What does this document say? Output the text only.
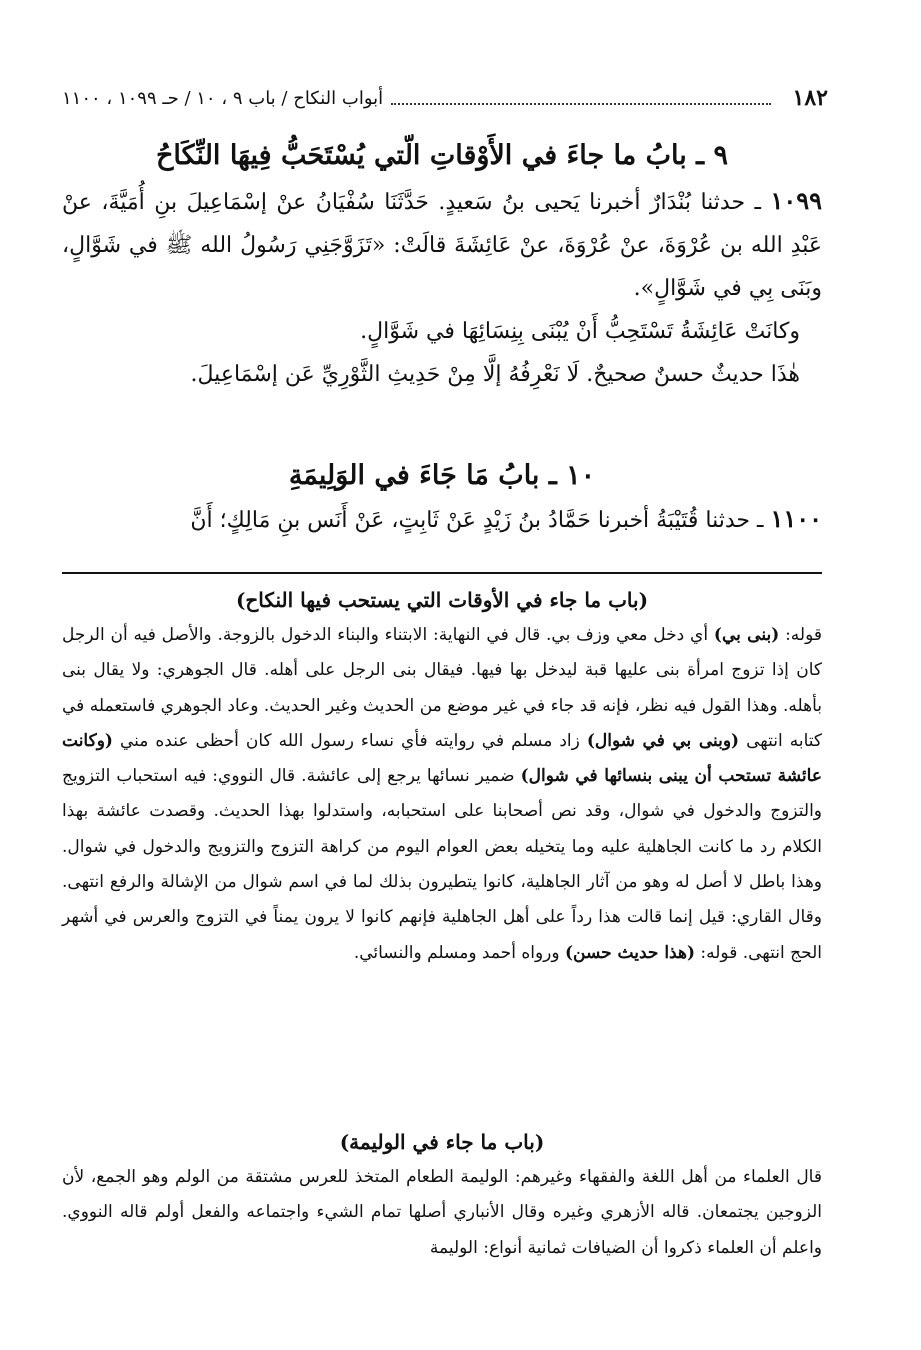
١٨٢
أبواب النكاح / باب ٩ ، ١٠ / حـ ١٠٩٩ ، ١١٠٠
٩ ـ بابُ ما جاءَ في الأَوْقاتِ الّتي يُسْتَحَبُّ فِيهَا النِّكَاحُ

١٠٩٩ ـ حدثنا بُنْدَارٌ أخبرنا يَحيى بنُ سَعيدٍ. حَدَّثَنَا سُفْيَانُ عنْ إسْمَاعِيلَ بنِ أُمَيَّةَ، عنْ عَبْدِ الله بن عُرْوَةَ، عنْ عُرْوَةَ، عنْ عَائِشَةَ قالَتْ: «تَزَوَّجَنِي رَسُولُ الله ﷺ في شَوَّالٍ، وبَنَى بِي في شَوَّالٍ».

وكانَتْ عَائِشَةُ تَسْتَحِبُّ أَنْ يُبْنَى بِنِسَائِهَا في شَوَّالٍ.

هٰذَا حديثٌ حسنٌ صحيحٌ. لَا نَعْرِفُهُ إلَّا مِنْ حَدِيثِ الثَّوْرِيِّ عَن إسْمَاعِيلَ.

١٠ ـ بابُ مَا جَاءَ في الوَلِيمَةِ

١١٠٠ ـ حدثنا قُتَيْبَةُ أخبرنا حَمَّادُ بنُ زَيْدٍ عَنْ ثَابِتٍ، عَنْ أَنَس بنِ مَالِكٍ؛ أَنَّ

(باب ما جاء في الأوقات التي يستحب فيها النكاح)

قوله: (بنى بي) أي دخل معي وزف بي. قال في النهاية: الابتناء والبناء الدخول بالزوجة. والأصل فيه أن الرجل كان إذا تزوج امرأة بنى عليها قبة ليدخل بها فيها. فيقال بنى الرجل على أهله. قال الجوهري: ولا يقال بنى بأهله. وهذا القول فيه نظر، فإنه قد جاء في غير موضع من الحديث وغير الحديث. وعاد الجوهري فاستعمله في كتابه انتهى (وبنى بي في شوال) زاد مسلم في روايته فأي نساء رسول الله كان أحظى عنده مني (وكانت عائشة تستحب أن يبنى بنسائها في شوال) ضمير نسائها يرجع إلى عائشة. قال النووي: فيه استحباب التزويج والتزوج والدخول في شوال، وقد نص أصحابنا على استحبابه، واستدلوا بهذا الحديث. وقصدت عائشة بهذا الكلام رد ما كانت الجاهلية عليه وما يتخيله بعض العوام اليوم من كراهة التزوج والتزويج والدخول في شوال. وهذا باطل لا أصل له وهو من آثار الجاهلية، كانوا يتطيرون بذلك لما في اسم شوال من الإشالة والرفع انتهى. وقال القاري: قيل إنما قالت هذا رداً على أهل الجاهلية فإنهم كانوا لا يرون يمناً في التزوج والعرس في أشهر الحج انتهى. قوله: (هذا حديث حسن) ورواه أحمد ومسلم والنسائي.

(باب ما جاء في الوليمة)

قال العلماء من أهل اللغة والفقهاء وغيرهم: الوليمة الطعام المتخذ للعرس مشتقة من الولم وهو الجمع، لأن الزوجين يجتمعان. قاله الأزهري وغيره وقال الأنباري أصلها تمام الشيء واجتماعه والفعل أولم قاله النووي. واعلم أن العلماء ذكروا أن الضيافات ثمانية أنواع: الوليمة
